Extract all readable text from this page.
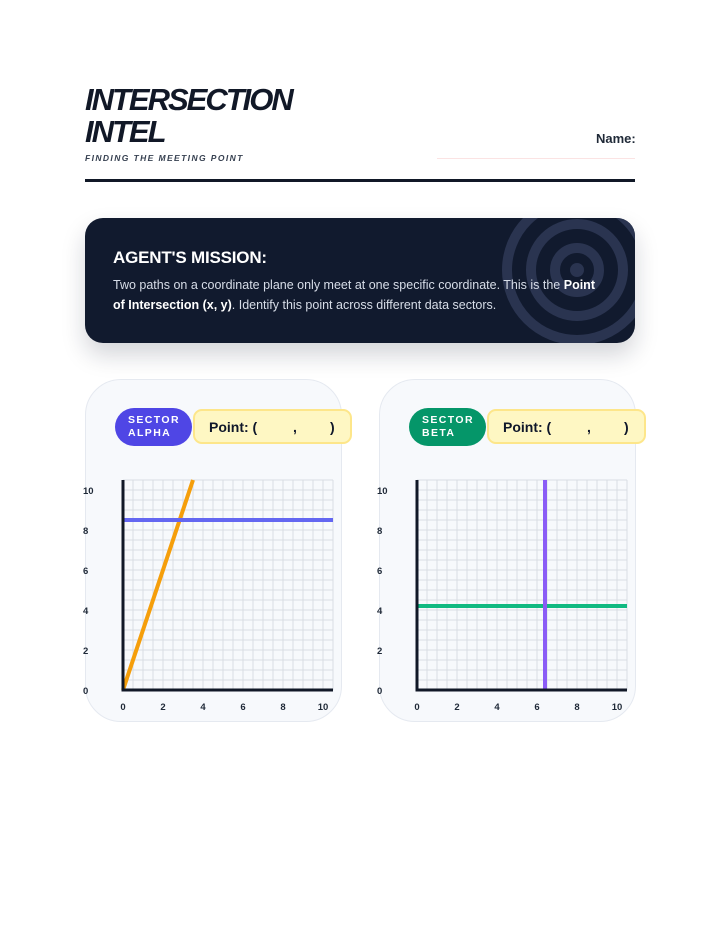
INTERSECTION
INTEL
FINDING THE MEETING POINT
Name:
AGENT'S MISSION:

Two paths on a coordinate plane only meet at one specific coordinate. This is the Point of Intersection (x, y). Identify this point across different data sectors.

SECTOR
ALPHA	Point: (	, )	SECTOR
BETA	Point: (	, )
0	2	4	6	8	10
0
2
4
6
8
10
0	2	4	6	8	10
0
2
4
6
8
10
